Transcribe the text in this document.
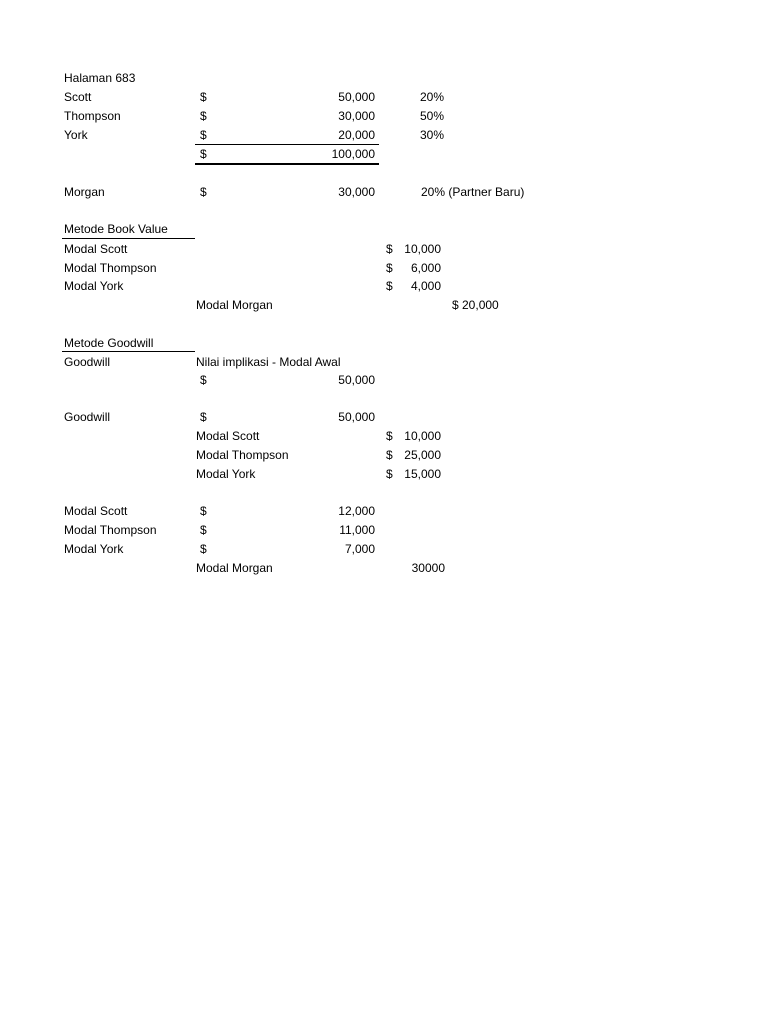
Halaman 683
Scott	$	50,000	20%
Thompson	$	30,000	50%
York	$	20,000	30%
$	100,000
Morgan	$	30,000	20% (Partner Baru)
Metode Book Value
Modal Scott	$ 10,000
Modal Thompson	$	6,000
Modal York	$	4,000
Modal Morgan	$ 20,000
Metode Goodwill
Goodwill	Nilai implikasi - Modal Awal
$	50,000
Goodwill	$	50,000
Modal Scott	$ 10,000
Modal Thompson	$ 25,000
Modal York	$ 15,000
Modal Scott	$	12,000
Modal Thompson	$	11,000
Modal York	$	7,000
Modal Morgan	30000
